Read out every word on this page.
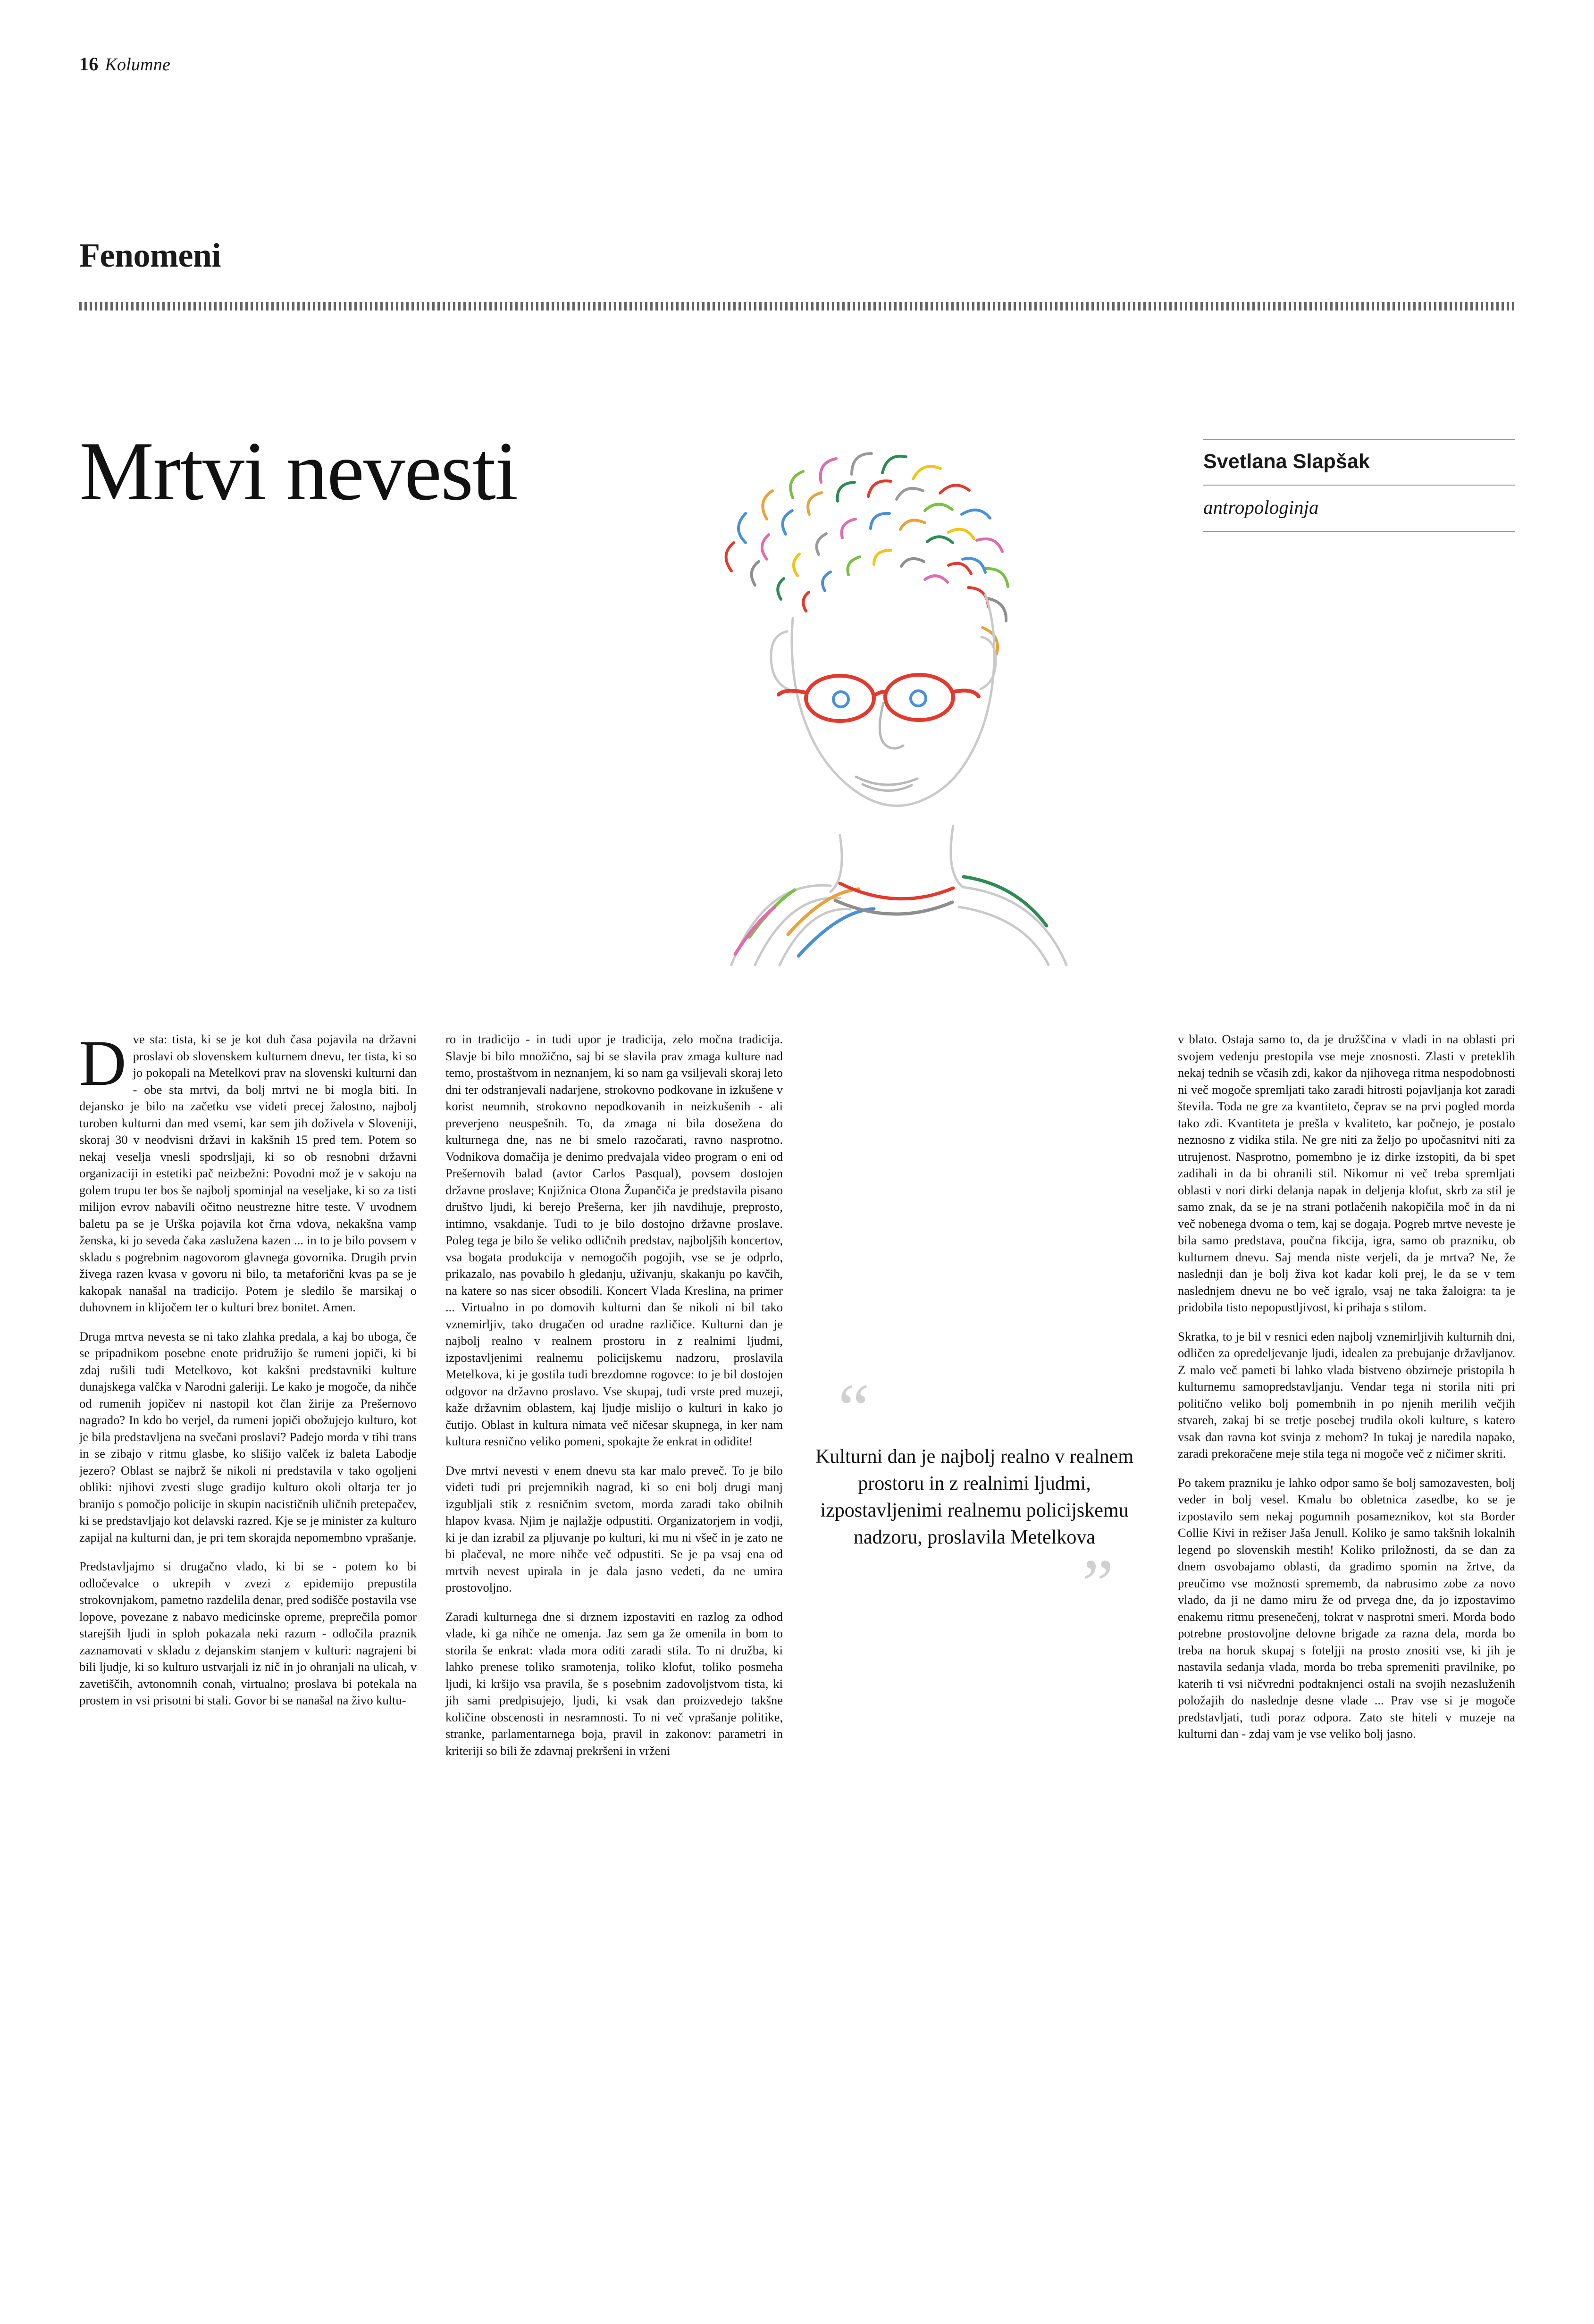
16 Kolumne
Fenomeni
Mrtvi nevesti	Svetlana Slapšak
antropologinja

Dve sta: tista, ki se je kot duh časa pojavila na državni proslavi ob slovenskem kulturnem dnevu, ter tista, ki so jo pokopali na Metelkovi prav na slovenski kulturni dan - obe sta mrtvi, da bolj mrtvi ne bi mogla biti. In dejansko je bilo na začetku vse videti precej žalostno, najbolj turoben kulturni dan med vsemi, kar sem jih doživela v Sloveniji, skoraj 30 v neodvisni državi in kakšnih 15 pred tem. Potem so nekaj veselja vnesli spodrsljaji, ki so ob resnobni državni organizaciji in estetiki pač neizbežni: Povodni mož je v sakoju na golem trupu ter bos še najbolj spominjal na veseljake, ki so za tisti milijon evrov nabavili očitno neustrezne hitre teste. V uvodnem baletu pa se je Urška pojavila kot črna vdova, nekakšna vamp ženska, ki jo seveda čaka zaslužena kazen ... in to je bilo povsem v skladu s pogrebnim nagovorom glavnega govornika. Drugih prvin živega razen kvasa v govoru ni bilo, ta metaforični kvas pa se je kakopak nanašal na tradicijo. Potem je sledilo še marsikaj o duhovnem in klijočem ter o kulturi brez bonitet. Amen.

Druga mrtva nevesta se ni tako zlahka predala, a kaj bo uboga, če se pripadnikom posebne enote pridružijo še rumeni jopiči, ki bi zdaj rušili tudi Metelkovo, kot kakšni predstavniki kulture dunajskega valčka v Narodni galeriji. Le kako je mogoče, da nihče od rumenih jopičev ni nastopil kot član žirije za Prešernovo nagrado? In kdo bo verjel, da rumeni jopiči obožujejo kulturo, kot je bila predstavljena na svečani proslavi? Padejo morda v tihi trans in se zibajo v ritmu glasbe, ko slišijo valček iz baleta Labodje jezero? Oblast se najbrž še nikoli ni predstavila v tako ogoljeni obliki: njihovi zvesti sluge gradijo kulturo okoli oltarja ter jo branijo s pomočjo policije in skupin nacističnih uličnih pretepačev, ki se predstavljajo kot delavski razred. Kje se je minister za kulturo zapijal na kulturni dan, je pri tem skorajda nepomembno vprašanje.

Predstavljajmo si drugačno vlado, ki bi se - potem ko bi odločevalce o ukrepih v zvezi z epidemijo prepustila strokovnjakom, pametno razdelila denar, pred sodišče postavila vse lopove, povezane z nabavo medicinske opreme, preprečila pomor starejših ljudi in sploh pokazala neki razum - odločila praznik zaznamovati v skladu z dejanskim stanjem v kulturi: nagrajeni bi bili ljudje, ki so kulturo ustvarjali iz nič in jo ohranjali na ulicah, v zavetiščih, avtonomnih conah, virtualno; proslava bi potekala na prostem in vsi prisotni bi stali. Govor bi se nanašal na živo kultu-

ro in tradicijo - in tudi upor je tradicija, zelo močna tradicija. Slavje bi bilo množično, saj bi se slavila prav zmaga kulture nad temo, prostaštvom in neznanjem, ki so nam ga vsiljevali skoraj leto dni ter odstranjevali nadarjene, strokovno podkovane in izkušene v korist neumnih, strokovno nepodkovanih in neizkušenih - ali preverjeno neuspešnih. To, da zmaga ni bila dosežena do kulturnega dne, nas ne bi smelo razočarati, ravno nasprotno. Vodnikova domačija je denimo predvajala video program o eni od Prešernovih balad (avtor Carlos Pasqual), povsem dostojen državne proslave; Knjižnica Otona Župančiča je predstavila pisano društvo ljudi, ki berejo Prešerna, ker jih navdihuje, preprosto, intimno, vsakdanje. Tudi to je bilo dostojno državne proslave. Poleg tega je bilo še veliko odličnih predstav, najboljših koncertov, vsa bogata produkcija v nemogočih pogojih, vse se je odprlo, prikazalo, nas povabilo h gledanju, uživanju, skakanju po kavčih, na katere so nas sicer obsodili. Koncert Vlada Kreslina, na primer ... Virtualno in po domovih kulturni dan še nikoli ni bil tako vznemirljiv, tako drugačen od uradne različice. Kulturni dan je najbolj realno v realnem prostoru in z realnimi ljudmi, izpostavljenimi realnemu policijskemu nadzoru, proslavila Metelkova, ki je gostila tudi brezdomne rogovce: to je bil dostojen odgovor na državno proslavo. Vse skupaj, tudi vrste pred muzeji, kaže državnim oblastem, kaj ljudje mislijo o kulturi in kako jo čutijo. Oblast in kultura nimata več ničesar skupnega, in ker nam kultura resnično veliko pomeni, spokajte že enkrat in odidite!

Dve mrtvi nevesti v enem dnevu sta kar malo preveč. To je bilo videti tudi pri prejemnikih nagrad, ki so eni bolj drugi manj izgubljali stik z resničnim svetom, morda zaradi tako obilnih hlapov kvasa. Njim je najlažje odpustiti. Organizatorjem in vodji, ki je dan izrabil za pljuvanje po kulturi, ki mu ni všeč in je zato ne bi plačeval, ne more nihče več odpustiti. Se je pa vsaj ena od mrtvih nevest upirala in je dala jasno vedeti, da ne umira prostovoljno.

Zaradi kulturnega dne si drznem izpostaviti en razlog za odhod vlade, ki ga nihče ne omenja. Jaz sem ga že omenila in bom to storila še enkrat: vlada mora oditi zaradi stila. To ni družba, ki lahko prenese toliko sramotenja, toliko klofut, toliko posmeha ljudi, ki kršijo vsa pravila, še s posebnim zadovoljstvom tista, ki jih sami predpisujejo, ljudi, ki vsak dan proizvedejo takšne količine obscenosti in nesramnosti. To ni več vprašanje politike, stranke, parlamentarnega boja, pravil in zakonov: parametri in kriteriji so bili že zdavnaj prekršeni in vrženi

v blato. Ostaja samo to, da je družščina v vladi in na oblasti pri svojem vedenju prestopila vse meje znosnosti. Zlasti v preteklih nekaj tednih se včasih zdi, kakor da njihovega ritma nespodobnosti ni več mogoče spremljati tako zaradi hitrosti pojavljanja kot zaradi števila. Toda ne gre za kvantiteto, čeprav se na prvi pogled morda tako zdi. Kvantiteta je prešla v kvaliteto, kar počnejo, je postalo neznosno z vidika stila. Ne gre niti za željo po upočasnitvi niti za utrujenost. Nasprotno, pomembno je iz dirke izstopiti, da bi spet zadihali in da bi ohranili stil. Nikomur ni več treba spremljati oblasti v nori dirki delanja napak in deljenja klofut, skrb za stil je samo znak, da se je na strani potlačenih nakopičila moč in da ni več nobenega dvoma o tem, kaj se dogaja. Pogreb mrtve neveste je bila samo predstava, poučna fikcija, igra, samo ob prazniku, ob kulturnem dnevu. Saj menda niste verjeli, da je mrtva? Ne, že naslednji dan je bolj živa kot kadar koli prej, le da se v tem naslednjem dnevu ne bo več igralo, vsaj ne taka žaloigra: ta je pridobila tisto nepopustljivost, ki prihaja s stilom.

Skratka, to je bil v resnici eden najbolj vznemirljivih kulturnih dni, odličen za opredeljevanje ljudi, idealen za prebujanje državljanov. Z malo več pameti bi lahko vlada bistveno obzirneje pristopila h kulturnemu samopredstavljanju. Vendar tega ni storila niti pri politično veliko bolj pomembnih in po njenih merilih večjih stvareh, zakaj bi se tretje posebej trudila okoli kulture, s katero vsak dan ravna kot svinja z mehom? In tukaj je naredila napako, zaradi prekoračene meje stila tega ni mogoče več z ničimer skriti.

Po takem prazniku je lahko odpor samo še bolj samozavesten, bolj veder in bolj vesel. Kmalu bo obletnica zasedbe, ko se je izpostavilo sem nekaj pogumnih posameznikov, kot sta Border Collie Kivi in režiser Jaša Jenull. Koliko je samo takšnih lokalnih legend po slovenskih mestih! Koliko priložnosti, da se dan za dnem osvobajamo oblasti, da gradimo spomin na žrtve, da preučimo vse možnosti sprememb, da nabrusimo zobe za novo vlado, da ji ne damo miru že od prvega dne, da jo izpostavimo enakemu ritmu presenečenj, tokrat v nasprotni smeri. Morda bodo potrebne prostovoljne delovne brigade za razna dela, morda bo treba na horuk skupaj s foteljji na prosto znositi vse, ki jih je nastavila sedanja vlada, morda bo treba spremeniti pravilnike, po katerih ti vsi ničvredni podtaknjenci ostali na svojih nezasluženih položajih do naslednje desne vlade ... Prav vse si je mogoče predstavljati, tudi poraz odpora. Zato ste hiteli v muzeje na kulturni dan - zdaj vam je vse veliko bolj jasno.

“
Kulturni dan je najbolj realno v realnem prostoru in z realnimi ljudmi, izpostavljenimi realnemu policijskemu nadzoru, proslavila Metelkova
”
